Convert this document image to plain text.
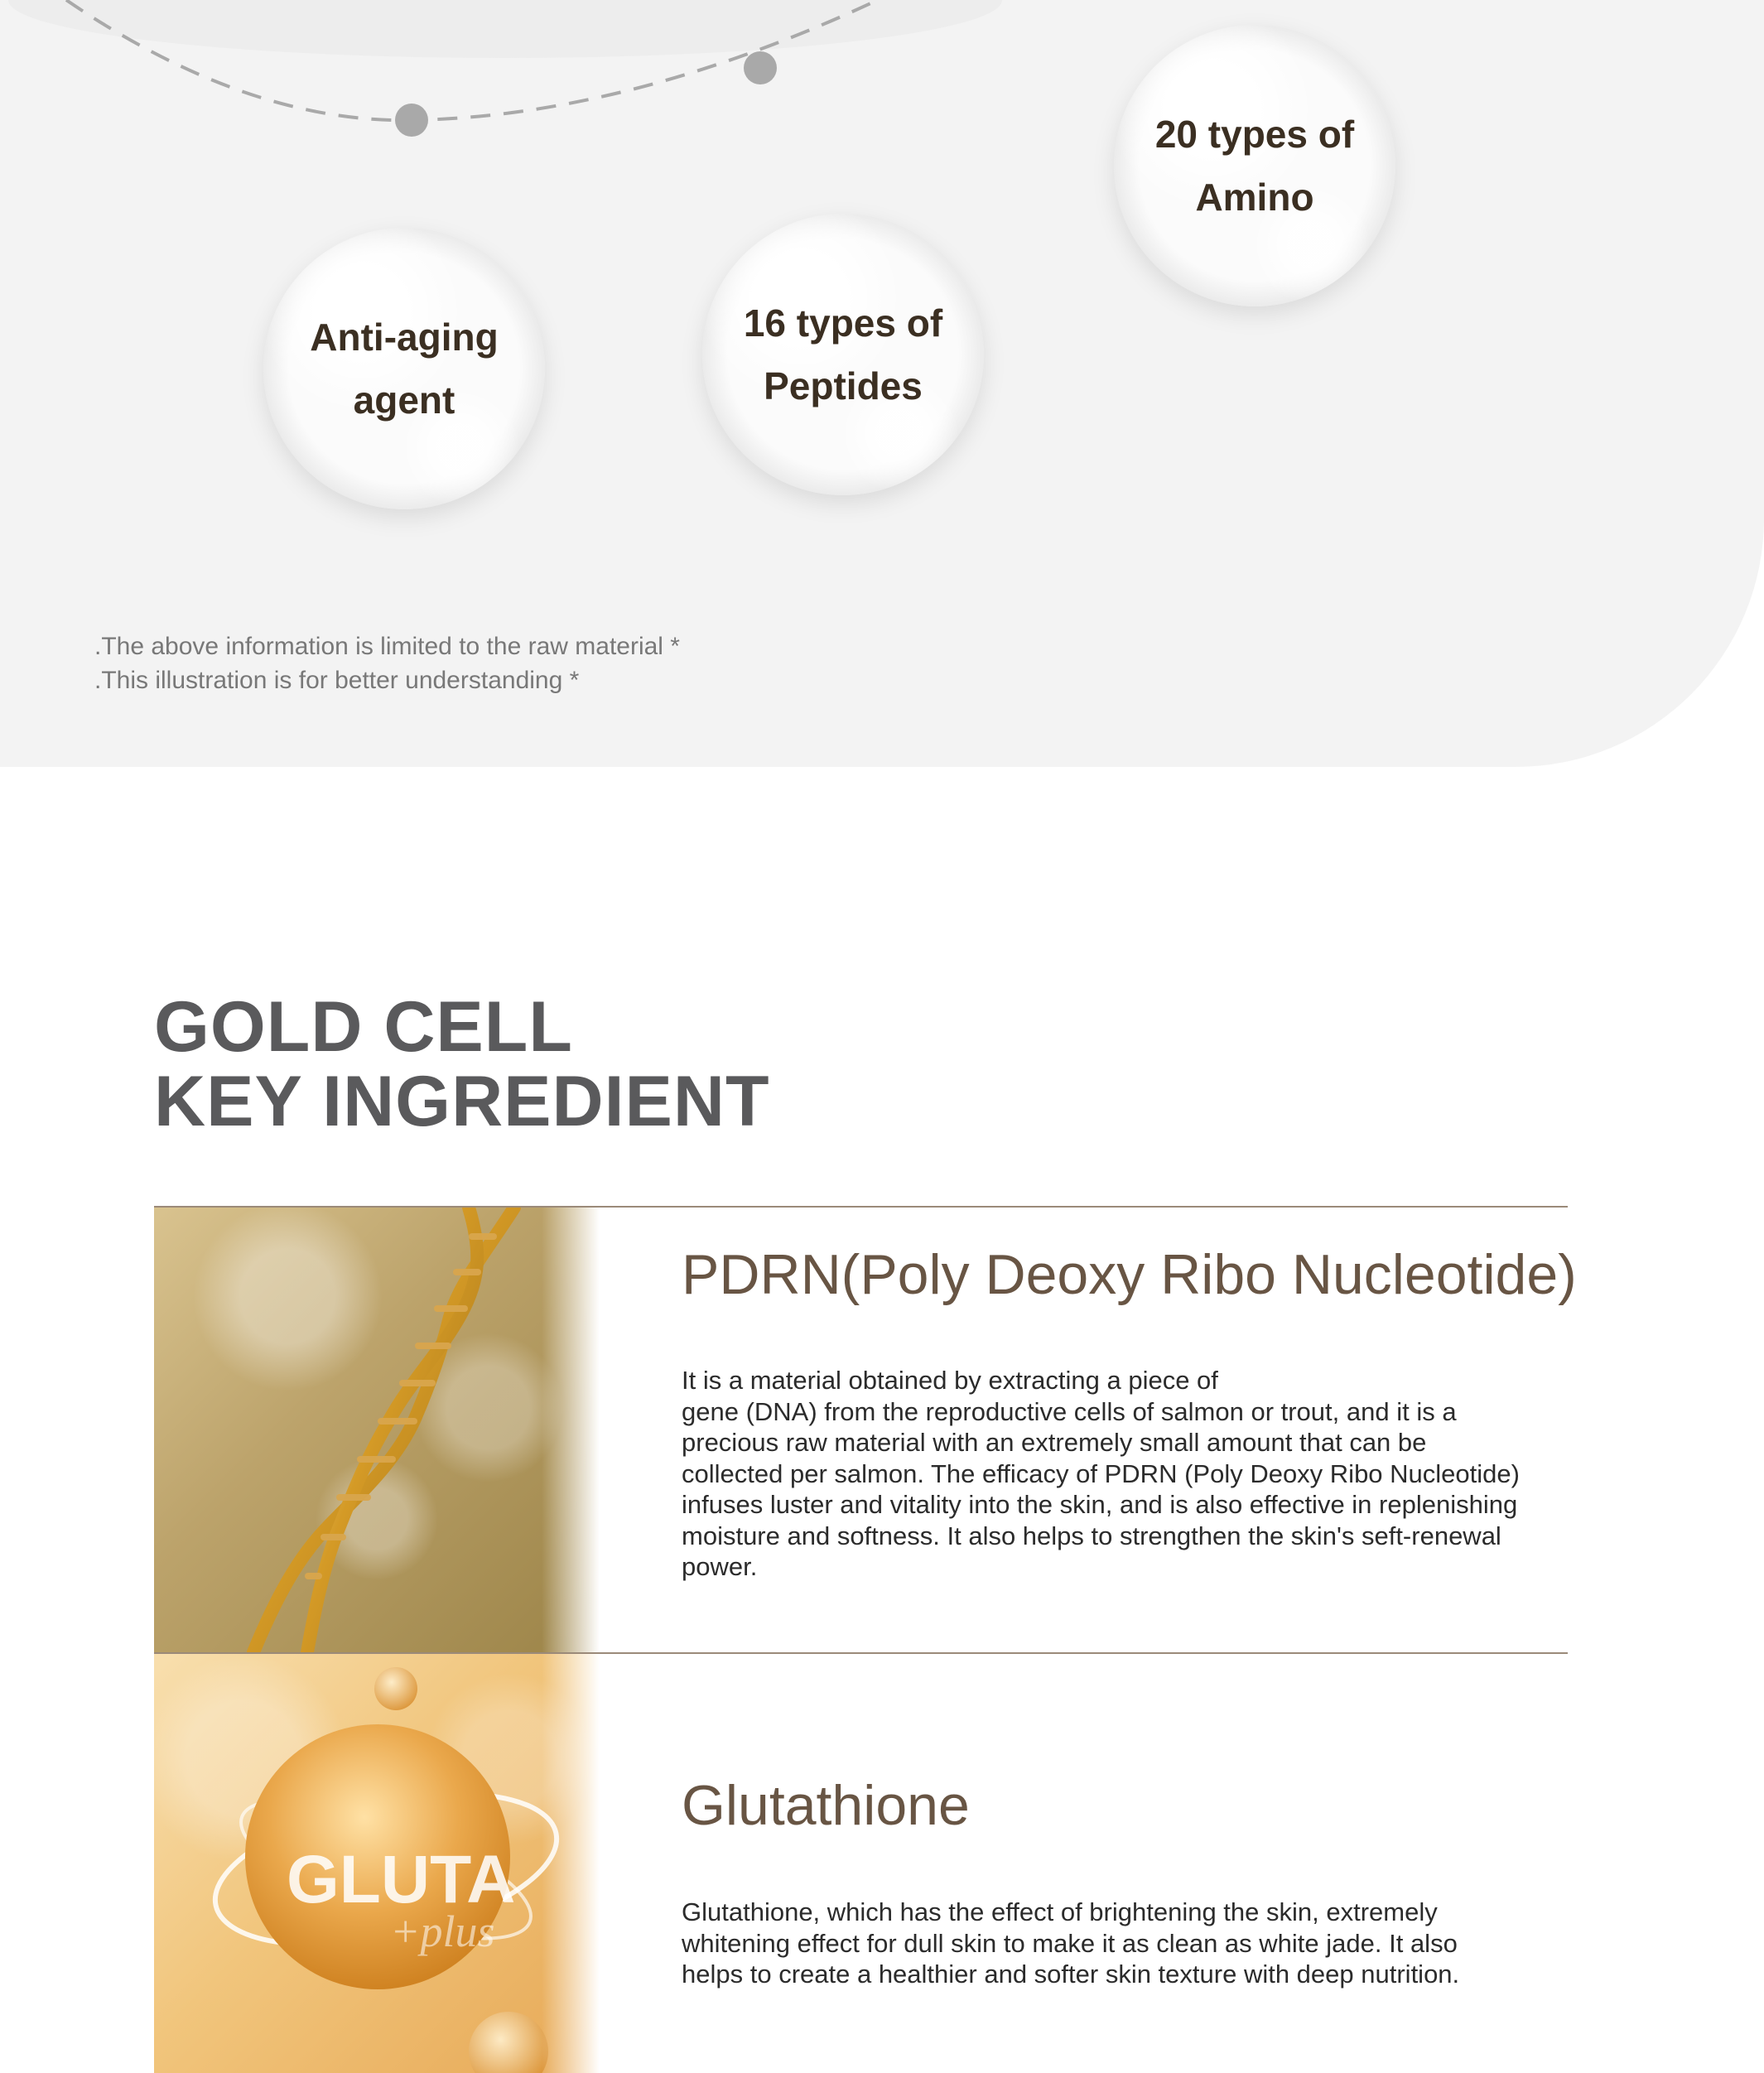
20 types of
Amino
Anti-aging
agent
16 types of
Peptides
.The above information is limited to the raw material *
.This illustration is for better understanding *
GOLD CELL
KEY INGREDIENT
PDRN(Poly Deoxy Ribo Nucleotide)
It is a material obtained by extracting a piece of
gene (DNA) from the reproductive cells of salmon or trout, and it is a
precious raw material with an extremely small amount that can be
collected per salmon. The efficacy of PDRN (Poly Deoxy Ribo Nucleotide)
infuses luster and vitality into the skin, and is also effective in replenishing
moisture and softness. It also helps to strengthen the skin's seft-renewal
power.
GLUTA
+plus
Glutathione
Glutathione, which has the effect of brightening the skin, extremely
whitening effect for dull skin to make it as clean as white jade. It also
helps to create a healthier and softer skin texture with deep nutrition.
